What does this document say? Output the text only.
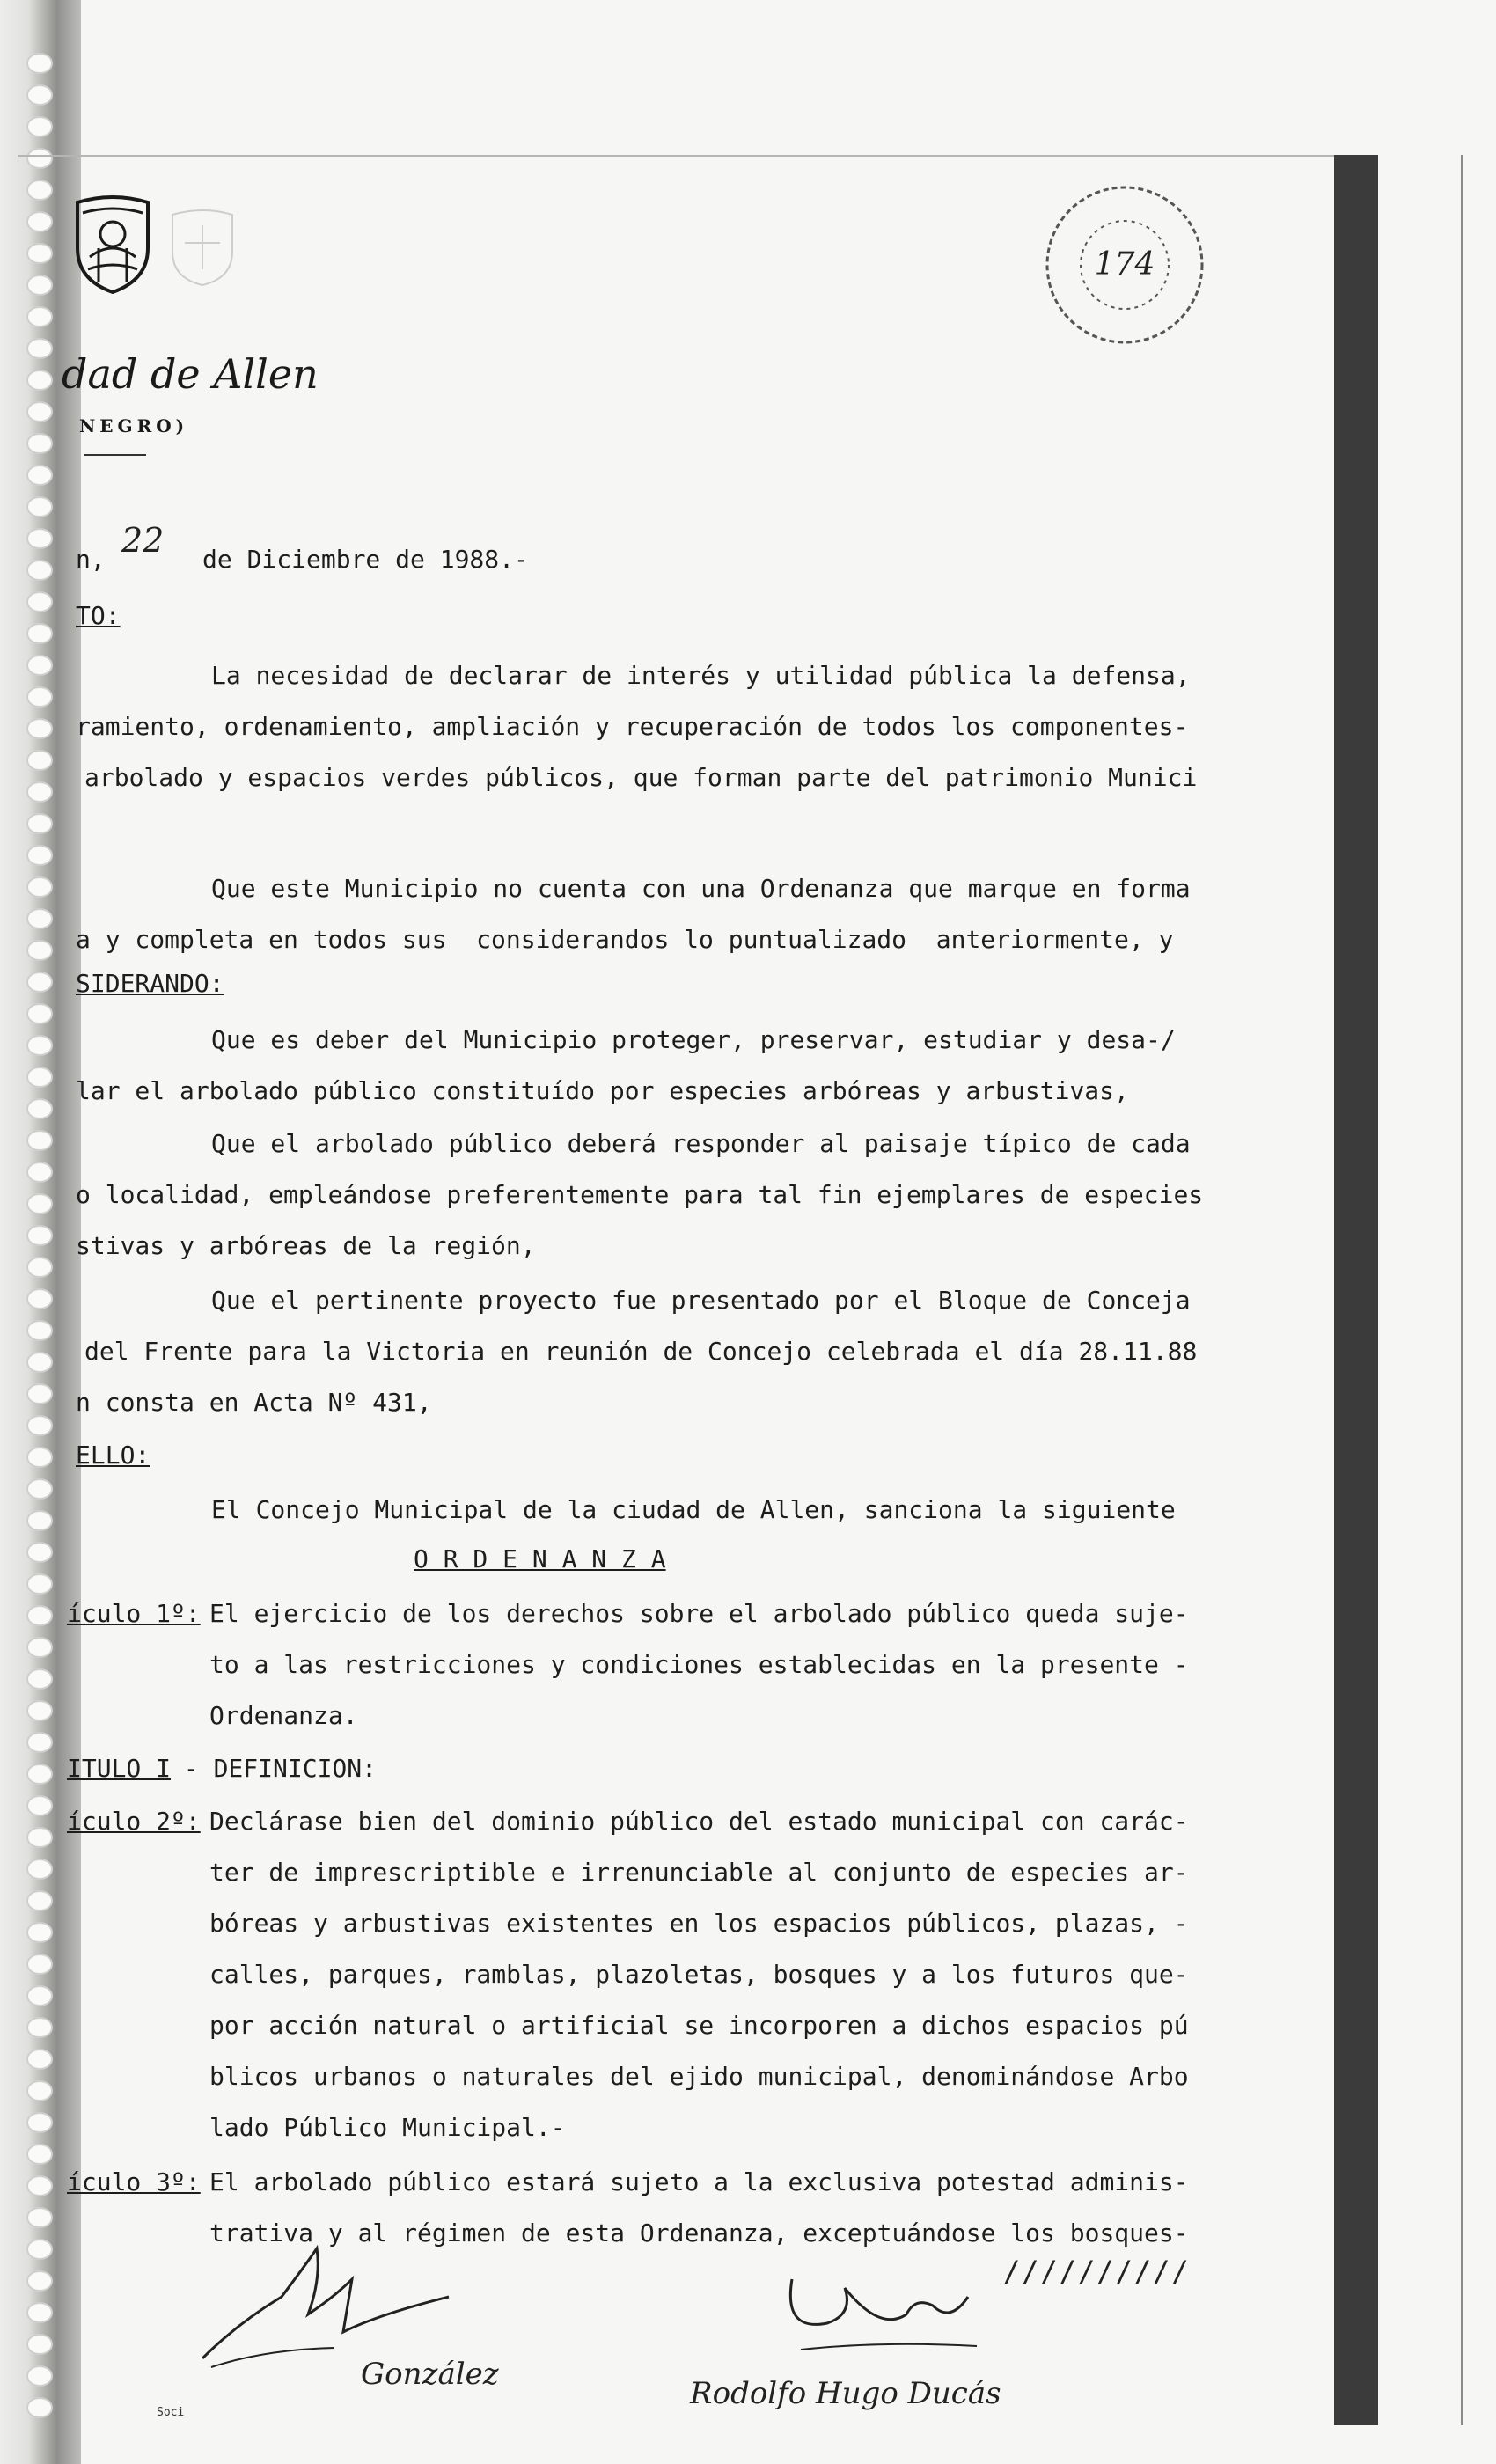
dad de Allen
NEGRO)
174
n, 22 de Diciembre de 1988.-
TO:
La necesidad de declarar de interés y utilidad pública la defensa,
ramiento, ordenamiento, ampliación y recuperación de todos los componentes-
arbolado y espacios verdes públicos, que forman parte del patrimonio Munici
Que este Municipio no cuenta con una Ordenanza que marque en forma
a y completa en todos sus  considerandos lo puntualizado  anteriormente, y
SIDERANDO:
Que es deber del Municipio proteger, preservar, estudiar y desa-/
lar el arbolado público constituído por especies arbóreas y arbustivas,
Que el arbolado público deberá responder al paisaje típico de cada
o localidad, empleándose preferentemente para tal fin ejemplares de especies
stivas y arbóreas de la región,
Que el pertinente proyecto fue presentado por el Bloque de Conceja
del Frente para la Victoria en reunión de Concejo celebrada el día 28.11.88
n consta en Acta Nº 431,
ELLO:
El Concejo Municipal de la ciudad de Allen, sanciona la siguiente
O R D E N A N Z A
ículo 1º: El ejercicio de los derechos sobre el arbolado público queda suje-
to a las restricciones y condiciones establecidas en la presente -
Ordenanza.
ITULO I
- DEFINICION:
ículo 2º: Declárase bien del dominio público del estado municipal con carác-
ter de imprescriptible e irrenunciable al conjunto de especies ar-
bóreas y arbustivas existentes en los espacios públicos, plazas, -
calles, parques, ramblas, plazoletas, bosques y a los futuros que-
por acción natural o artificial se incorporen a dichos espacios pú
blicos urbanos o naturales del ejido municipal, denominándose Arbo
lado Público Municipal.-
ículo 3º: El arbolado público estará sujeto a la exclusiva potestad adminis-
trativa y al régimen de esta Ordenanza, exceptuándose los bosques-
González
Soci
Rodolfo Hugo Ducás
//////////
